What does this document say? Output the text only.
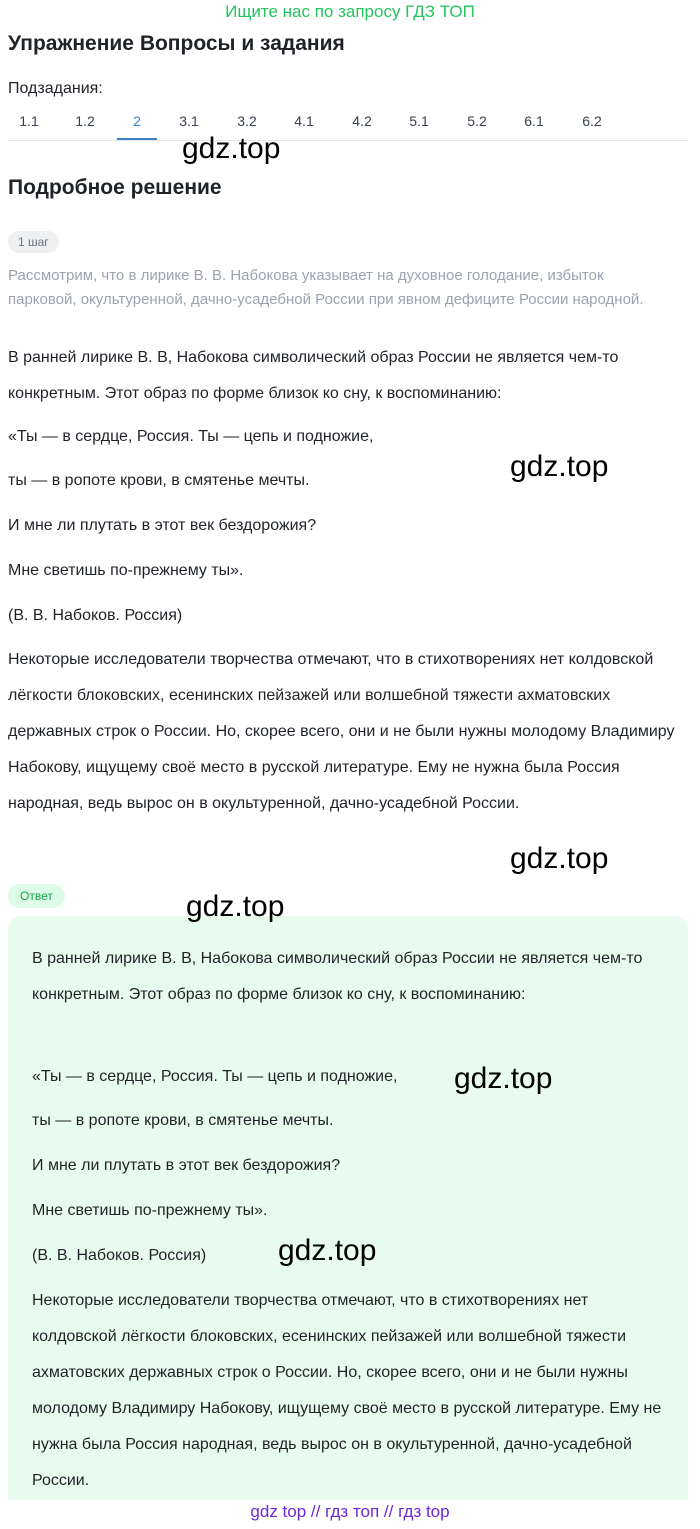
Ищите нас по запросу ГДЗ ТОП
Упражнение Вопросы и задания
Подзадания:
1.1	1.2	2	3.1	3.2	4.1	4.2	5.1	5.2	6.1	6.2
gdz.top
Подробное решение
1 шаг
Рассмотрим, что в лирике В. В. Набокова указывает на духовное голодание, избыток парковой, окультуренной, дачно-усадебной России при явном дефиците России народной.
В ранней лирике В. В, Набокова символический образ России не является чем-то конкретным. Этот образ по форме близок ко сну, к воспоминанию:
«Ты — в сердце, Россия. Ты — цепь и подножие,
ты — в ропоте крови, в смятенье мечты.
И мне ли плутать в этот век бездорожия?
Мне светишь по-прежнему ты».
(В. В. Набоков. Россия)
Некоторые исследователи творчества отмечают, что в стихотворениях нет колдовской лёгкости блоковских, есенинских пейзажей или волшебной тяжести ахматовских державных строк о России. Но, скорее всего, они и не были нужны молодому Владимиру Набокову, ищущему своё место в русской литературе. Ему не нужна была Россия народная, ведь вырос он в окультуренной, дачно-усадебной России.
gdz.top
gdz.top
Ответ
В ранней лирике В. В, Набокова символический образ России не является чем-то конкретным. Этот образ по форме близок ко сну, к воспоминанию:
«Ты — в сердце, Россия. Ты — цепь и подножие,
ты — в ропоте крови, в смятенье мечты.
И мне ли плутать в этот век бездорожия?
Мне светишь по-прежнему ты».
(В. В. Набоков. Россия)
Некоторые исследователи творчества отмечают, что в стихотворениях нет колдовской лёгкости блоковских, есенинских пейзажей или волшебной тяжести ахматовских державных строк о России. Но, скорее всего, они и не были нужны молодому Владимиру Набокову, ищущему своё место в русской литературе. Ему не нужна была Россия народная, ведь вырос он в окультуренной, дачно-усадебной России.
gdz.top
gdz.top
gdz.top
gdz top // гдз топ // гдз top
